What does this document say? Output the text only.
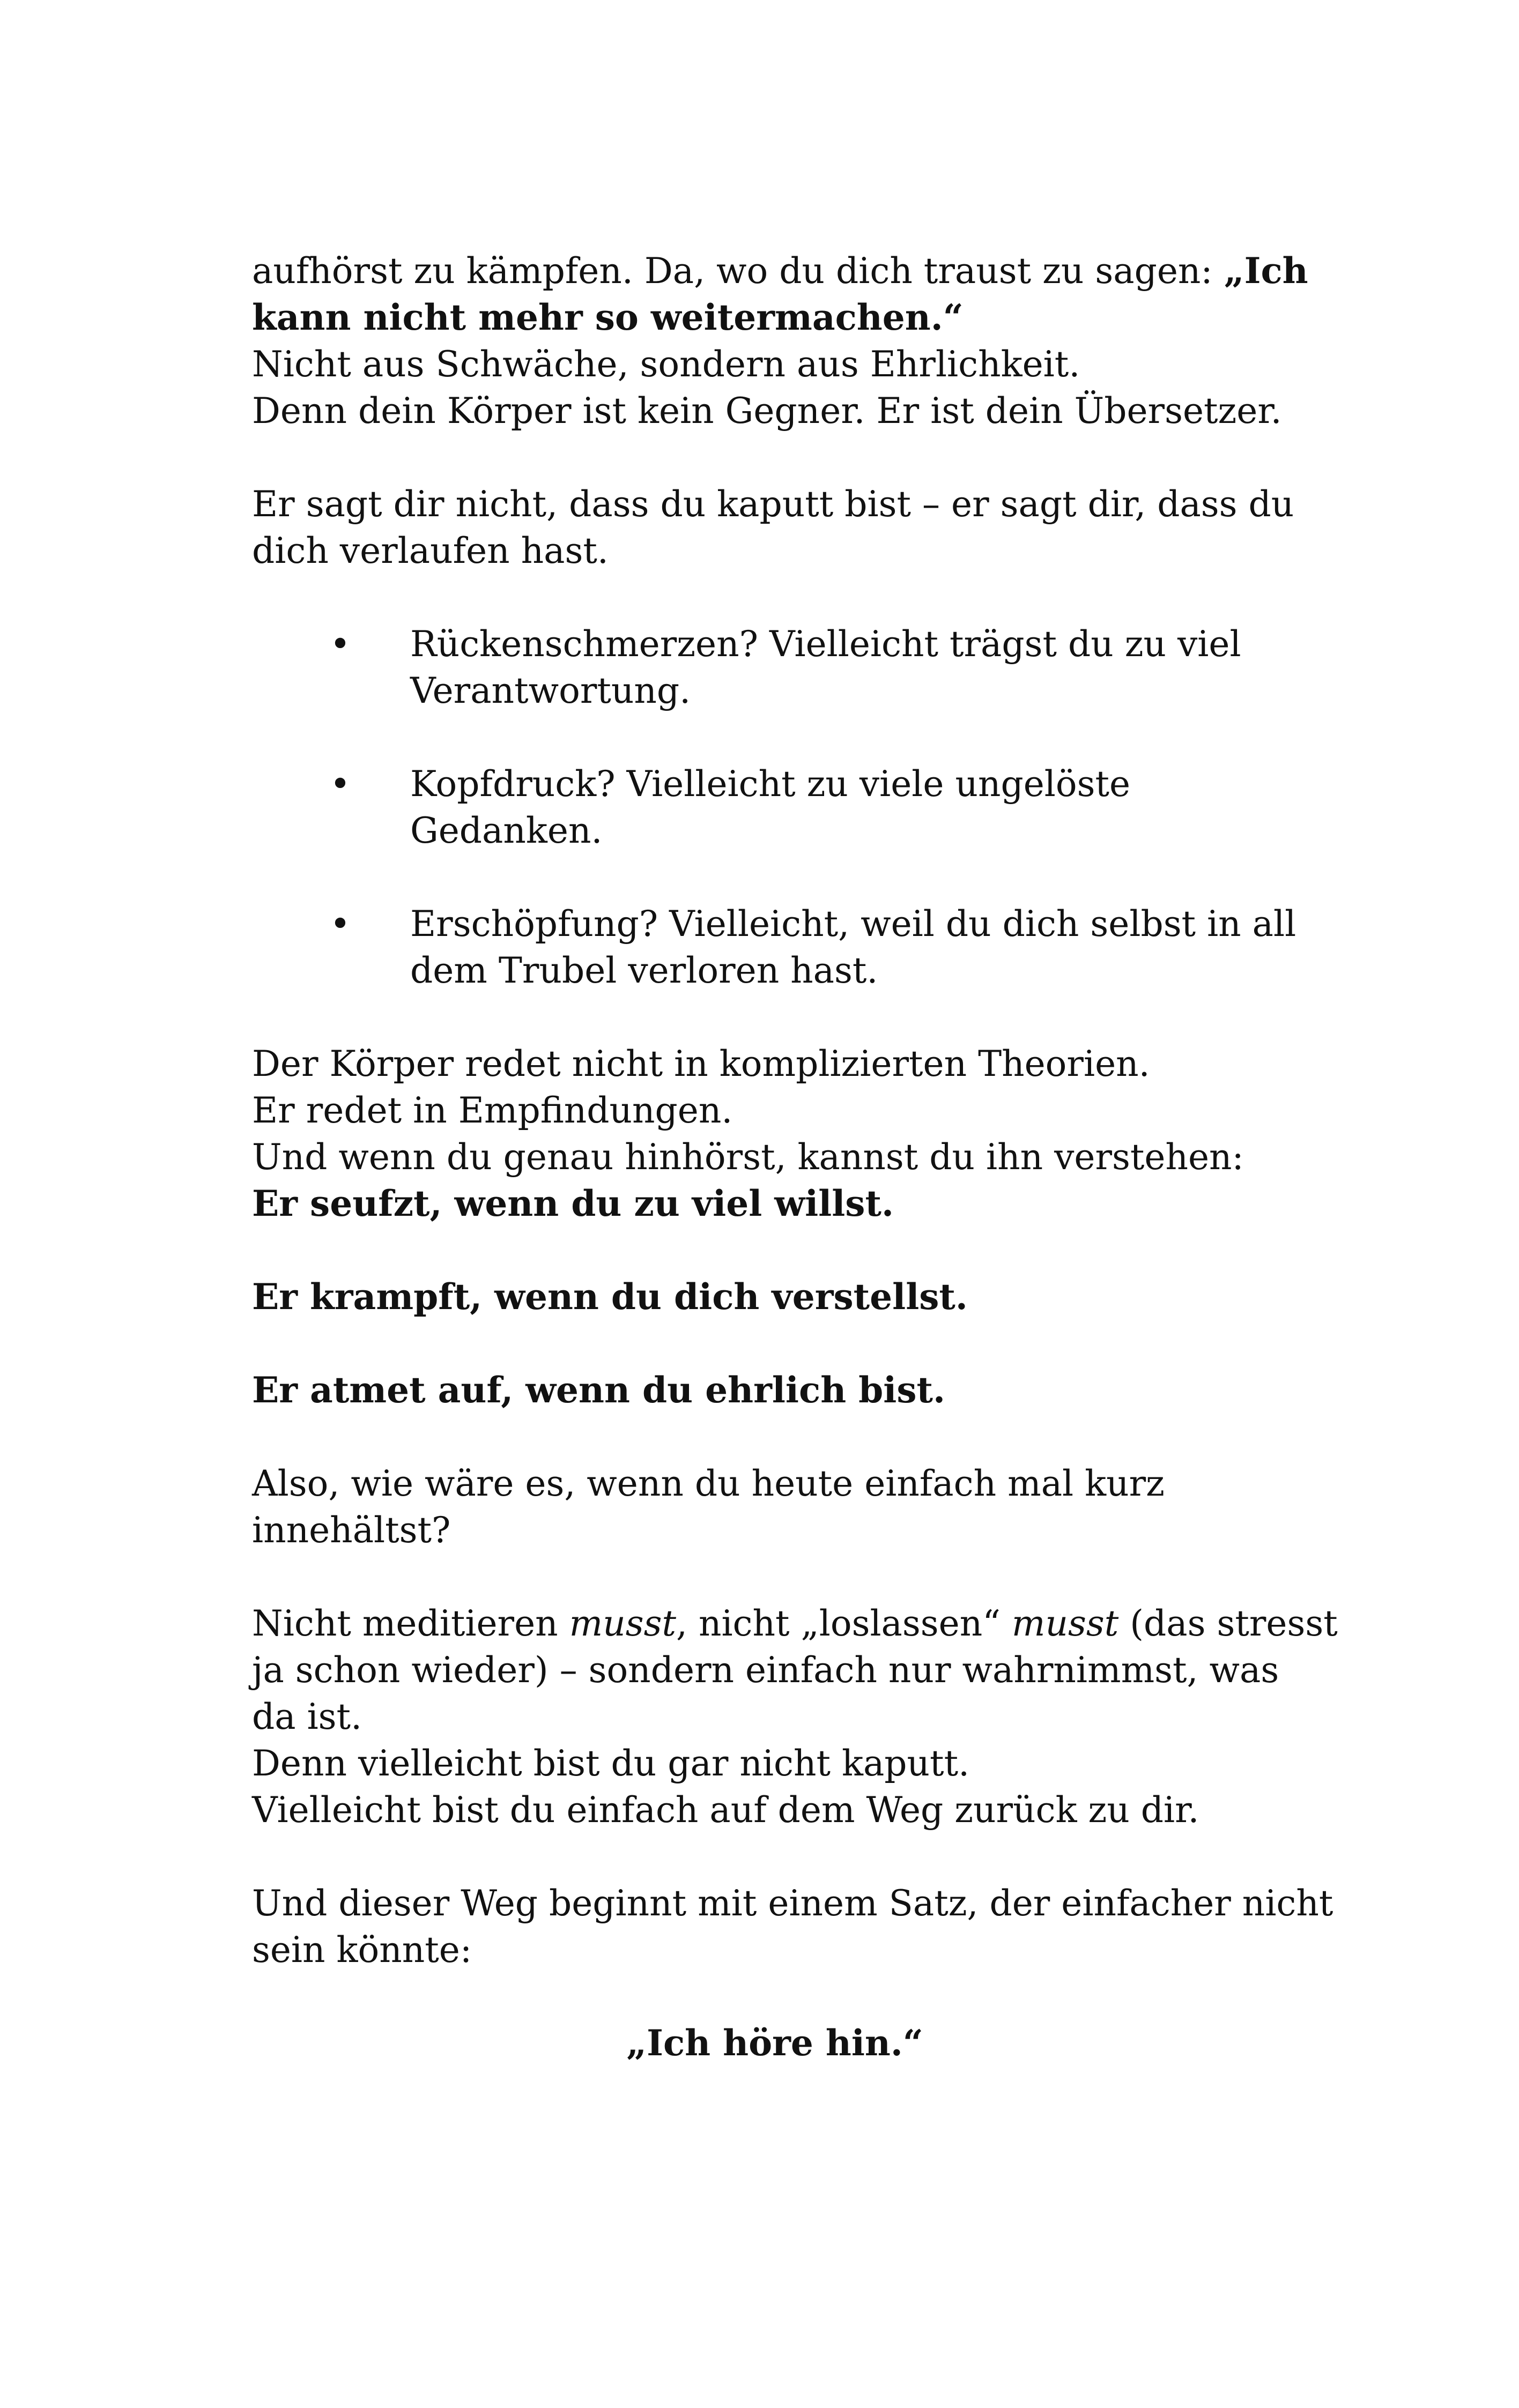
aufhörst zu kämpfen. Da, wo du dich traust zu sagen: „Ich
kann nicht mehr so weitermachen.“
Nicht aus Schwäche, sondern aus Ehrlichkeit.
Denn dein Körper ist kein Gegner. Er ist dein Übersetzer.
Er sagt dir nicht, dass du kaputt bist – er sagt dir, dass du
dich verlaufen hast.
• Rückenschmerzen? Vielleicht trägst du zu viel
Verantwortung.
• Kopfdruck? Vielleicht zu viele ungelöste
Gedanken.
• Erschöpfung? Vielleicht, weil du dich selbst in all
dem Trubel verloren hast.
Der Körper redet nicht in komplizierten Theorien.
Er redet in Empfindungen.
Und wenn du genau hinhörst, kannst du ihn verstehen:
Er seufzt, wenn du zu viel willst.
Er krampft, wenn du dich verstellst.
Er atmet auf, wenn du ehrlich bist.
Also, wie wäre es, wenn du heute einfach mal kurz
innehältst?
Nicht meditieren musst, nicht „loslassen“ musst (das stresst
ja schon wieder) – sondern einfach nur wahrnimmst, was
da ist.
Denn vielleicht bist du gar nicht kaputt.
Vielleicht bist du einfach auf dem Weg zurück zu dir.
Und dieser Weg beginnt mit einem Satz, der einfacher nicht
sein könnte:
„Ich höre hin.“
